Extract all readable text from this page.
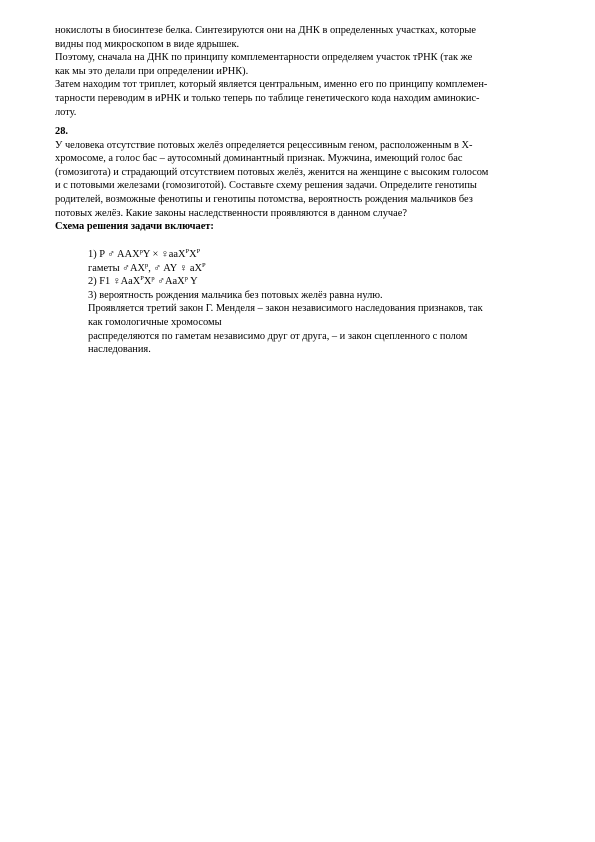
нокислоты в биосинтезе белка. Синтезируются они на ДНК в определенных участках, которые
видны под микроскопом в виде ядрышек.
Поэтому, сначала на ДНК по принципу комплементарности определяем участок тРНК (так же
как мы это делали при определении иРНК).
Затем находим тот триплет, который является центральным, именно его по принципу комплемен-
тарности переводим в иРНК и только теперь по таблице генетического кода находим аминокис-
лоту.
28.
У человека отсутствие потовых желёз определяется рецессивным геном, расположенным в X-
хромосоме, а голос бас – аутосомный доминантный признак. Мужчина, имеющий голос бас
(гомозигота) и страдающий отсутствием потовых желёз, женится на женщине с высоким голосом
и с потовыми железами (гомозиготой). Составьте схему решения задачи. Определите генотипы
родителей, возможные фенотипы и генотипы потомства, вероятность рождения мальчиков без
потовых желёз. Какие законы наследственности проявляются в данном случае?
Схема решения задачи включает:
1) P ♂ $AAX^pY$ × $♀aaX^PX^P$
гаметы $♂AX^p$, ♂ AY ♀ $aX^P$
2) F1 $♀AaX^PX^p$ ♂AaX$^p$ Y
3) вероятность рождения мальчика без потовых желёз равна нулю.
Проявляется третий закон Г. Менделя – закон независимого наследования признаков, так
как гомологичные хромосомы
распределяются по гаметам независимо друг от друга, – и закон сцепленного с полом
наследования.
